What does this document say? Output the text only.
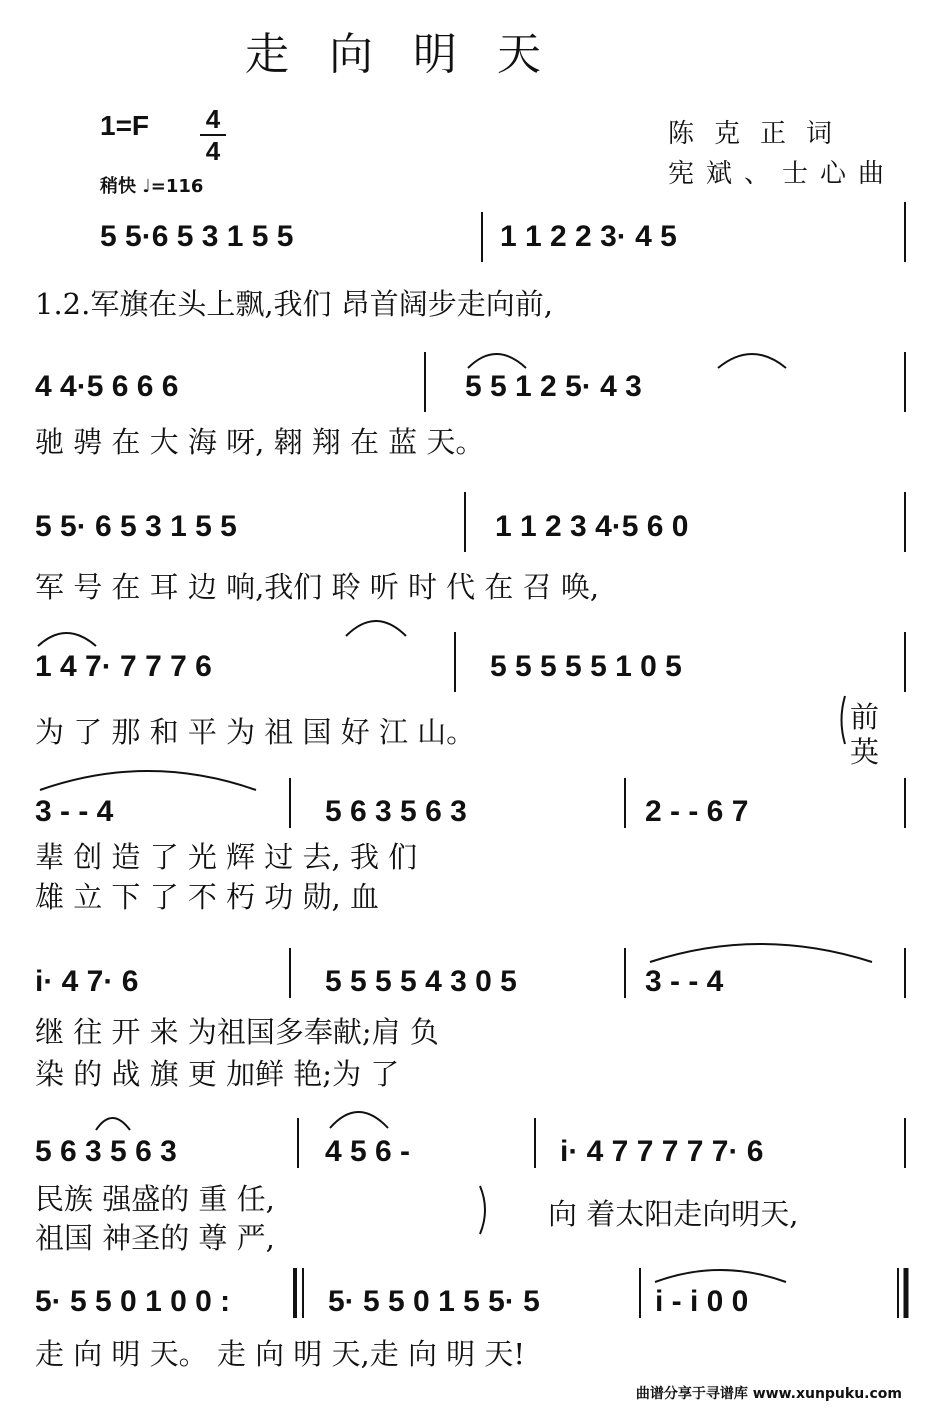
走向明天
1=F	4
4
稍快 ♩=116
陈克正词
宪斌、士心曲
5 5·6 5 3 1 5 5	1 1 2 2 3· 4 5
1.2.军旗在头上飘,我们 昂首阔步走向前,
4 4·5 6 6 6	5 5 1 2 5· 4 3
驰 骋 在 大 海 呀, 翱 翔 在 蓝 天。
5 5· 6 5 3 1 5 5	1 1 2 3 4·5 6 0
军 号 在 耳 边 响,我们 聆 听 时 代 在 召 唤,
1 4 7· 7 7 7 6	5 5 5 5 5 1 0 5
为 了 那 和 平 为 祖 国 好 江 山。	前
英
3 - - 4	5 6 3 5 6 3	2 - - 6 7
辈 创 造 了 光 辉 过 去, 我 们
雄 立 下 了 不 朽 功 勋, 血
i· 4 7· 6	5 5 5 5 4 3 0 5	3 - - 4
继 往 开 来 为祖国多奉献;肩 负
染 的 战 旗 更 加鲜 艳;为 了
5 6 3 5 6 3	4 5 6 -	i· 4 7 7 7 7 7· 6
民族 强盛的 重 任,
祖国 神圣的 尊 严,
向 着太阳走向明天,
5· 5 5 0 1 0 0 :	5· 5 5 0 1 5 5· 5	i - i 0 0
走 向 明 天。 走 向 明 天,走 向 明 天!
曲谱分享于寻谱库 www.xunpuku.com
